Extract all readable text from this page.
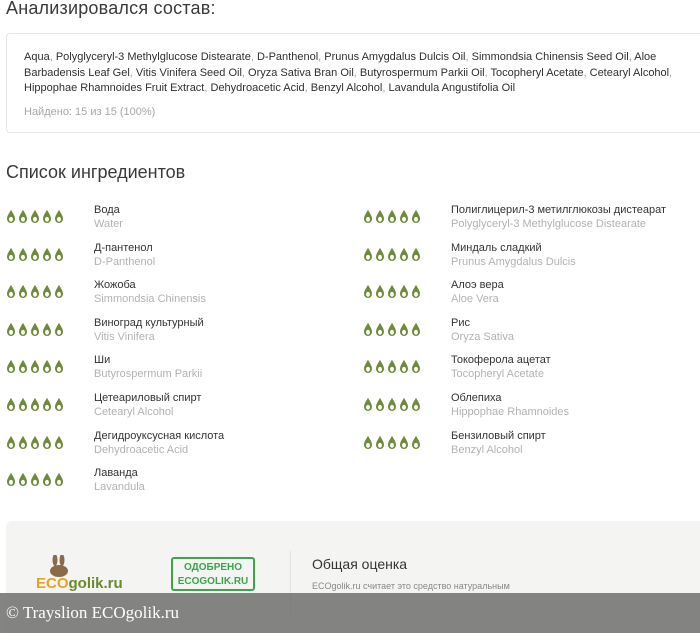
Анализировался состав:
Aqua, Polyglyceryl-3 Methylglucose Distearate, D-Panthenol, Prunus Amygdalus Dulcis Oil, Simmondsia Chinensis Seed Oil, Aloe Barbadensis Leaf Gel, Vitis Vinifera Seed Oil, Oryza Sativa Bran Oil, Butyrospermum Parkii Oil, Tocopheryl Acetate, Cetearyl Alcohol, Hippophae Rhamnoides Fruit Extract, Dehydroacetic Acid, Benzyl Alcohol, Lavandula Angustifolia Oil
Найдено: 15 из 15 (100%)
Список ингредиентов
Вода
Water
Д-пантенол
D-Panthenol
Жожоба
Simmondsia Chinensis
Виноград культурный
Vitis Vinifera
Ши
Butyrospermum Parkii
Цетеариловый спирт
Cetearyl Alcohol
Дегидроуксусная кислота
Dehydroacetic Acid
Лаванда
Lavandula
Полиглицерил-3 метилглюкозы дистеарат
Polyglyceryl-3 Methylglucose Distearate
Миндаль сладкий
Prunus Amygdalus Dulcis
Алоэ вера
Aloe Vera
Рис
Oryza Sativa
Токоферола ацетат
Tocopheryl Acetate
Облепиха
Hippophae Rhamnoides
Бензиловый спирт
Benzyl Alcohol
ECOgolik.ru
ОДОБРЕНО
ECOGOLIK.RU
Общая оценка
ECOgolik.ru считает это средство натуральным
© Trayslion ECOgolik.ru
